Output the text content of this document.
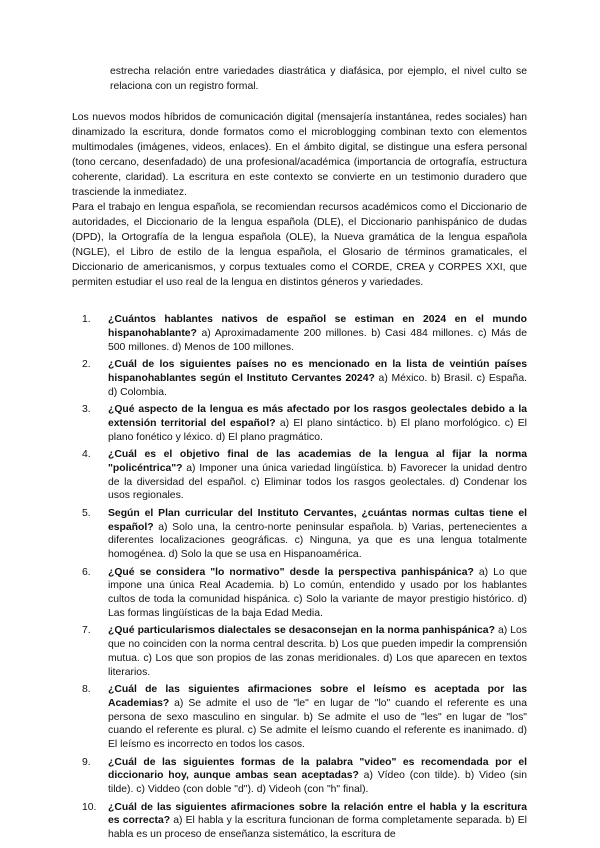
estrecha relación entre variedades diastrática y diafásica, por ejemplo, el nivel culto se relaciona con un registro formal.

Los nuevos modos híbridos de comunicación digital (mensajería instantánea, redes sociales) han dinamizado la escritura, donde formatos como el microblogging combinan texto con elementos multimodales (imágenes, videos, enlaces). En el ámbito digital, se distingue una esfera personal (tono cercano, desenfadado) de una profesional/académica (importancia de ortografía, estructura coherente, claridad). La escritura en este contexto se convierte en un testimonio duradero que trasciende la inmediatez.

Para el trabajo en lengua española, se recomiendan recursos académicos como el Diccionario de autoridades, el Diccionario de la lengua española (DLE), el Diccionario panhispánico de dudas (DPD), la Ortografía de la lengua española (OLE), la Nueva gramática de la lengua española (NGLE), el Libro de estilo de la lengua española, el Glosario de términos gramaticales, el Diccionario de americanismos, y corpus textuales como el CORDE, CREA y CORPES XXI, que permiten estudiar el uso real de la lengua en distintos géneros y variedades.

1.	¿Cuántos hablantes nativos de español se estiman en 2024 en el mundo hispanohablante? a) Aproximadamente 200 millones. b) Casi 484 millones. c) Más de 500 millones. d) Menos de 100 millones.
2.	¿Cuál de los siguientes países no es mencionado en la lista de veintiún países hispanohablantes según el Instituto Cervantes 2024? a) México. b) Brasil. c) España. d) Colombia.
3.	¿Qué aspecto de la lengua es más afectado por los rasgos geolectales debido a la extensión territorial del español? a) El plano sintáctico. b) El plano morfológico. c) El plano fonético y léxico. d) El plano pragmático.
4.	¿Cuál es el objetivo final de las academias de la lengua al fijar la norma "policéntrica"? a) Imponer una única variedad lingüística. b) Favorecer la unidad dentro de la diversidad del español. c) Eliminar todos los rasgos geolectales. d) Condenar los usos regionales.
5.	Según el Plan curricular del Instituto Cervantes, ¿cuántas normas cultas tiene el español? a) Solo una, la centro-norte peninsular española. b) Varias, pertenecientes a diferentes localizaciones geográficas. c) Ninguna, ya que es una lengua totalmente homogénea. d) Solo la que se usa en Hispanoamérica.
6.	¿Qué se considera "lo normativo" desde la perspectiva panhispánica? a) Lo que impone una única Real Academia. b) Lo común, entendido y usado por los hablantes cultos de toda la comunidad hispánica. c) Solo la variante de mayor prestigio histórico. d) Las formas lingüísticas de la baja Edad Media.
7.	¿Qué particularismos dialectales se desaconsejan en la norma panhispánica? a) Los que no coinciden con la norma central descrita. b) Los que pueden impedir la comprensión mutua. c) Los que son propios de las zonas meridionales. d) Los que aparecen en textos literarios.
8.	¿Cuál de las siguientes afirmaciones sobre el leísmo es aceptada por las Academias? a) Se admite el uso de "le" en lugar de "lo" cuando el referente es una persona de sexo masculino en singular. b) Se admite el uso de "les" en lugar de "los" cuando el referente es plural. c) Se admite el leísmo cuando el referente es inanimado. d) El leísmo es incorrecto en todos los casos.
9.	¿Cuál de las siguientes formas de la palabra "video" es recomendada por el diccionario hoy, aunque ambas sean aceptadas? a) Vídeo (con tilde). b) Video (sin tilde). c) Viddeo (con doble "d"). d) Videoh (con "h" final).
10.	¿Cuál de las siguientes afirmaciones sobre la relación entre el habla y la escritura es correcta? a) El habla y la escritura funcionan de forma completamente separada. b) El habla es un proceso de enseñanza sistemático, la escritura de
